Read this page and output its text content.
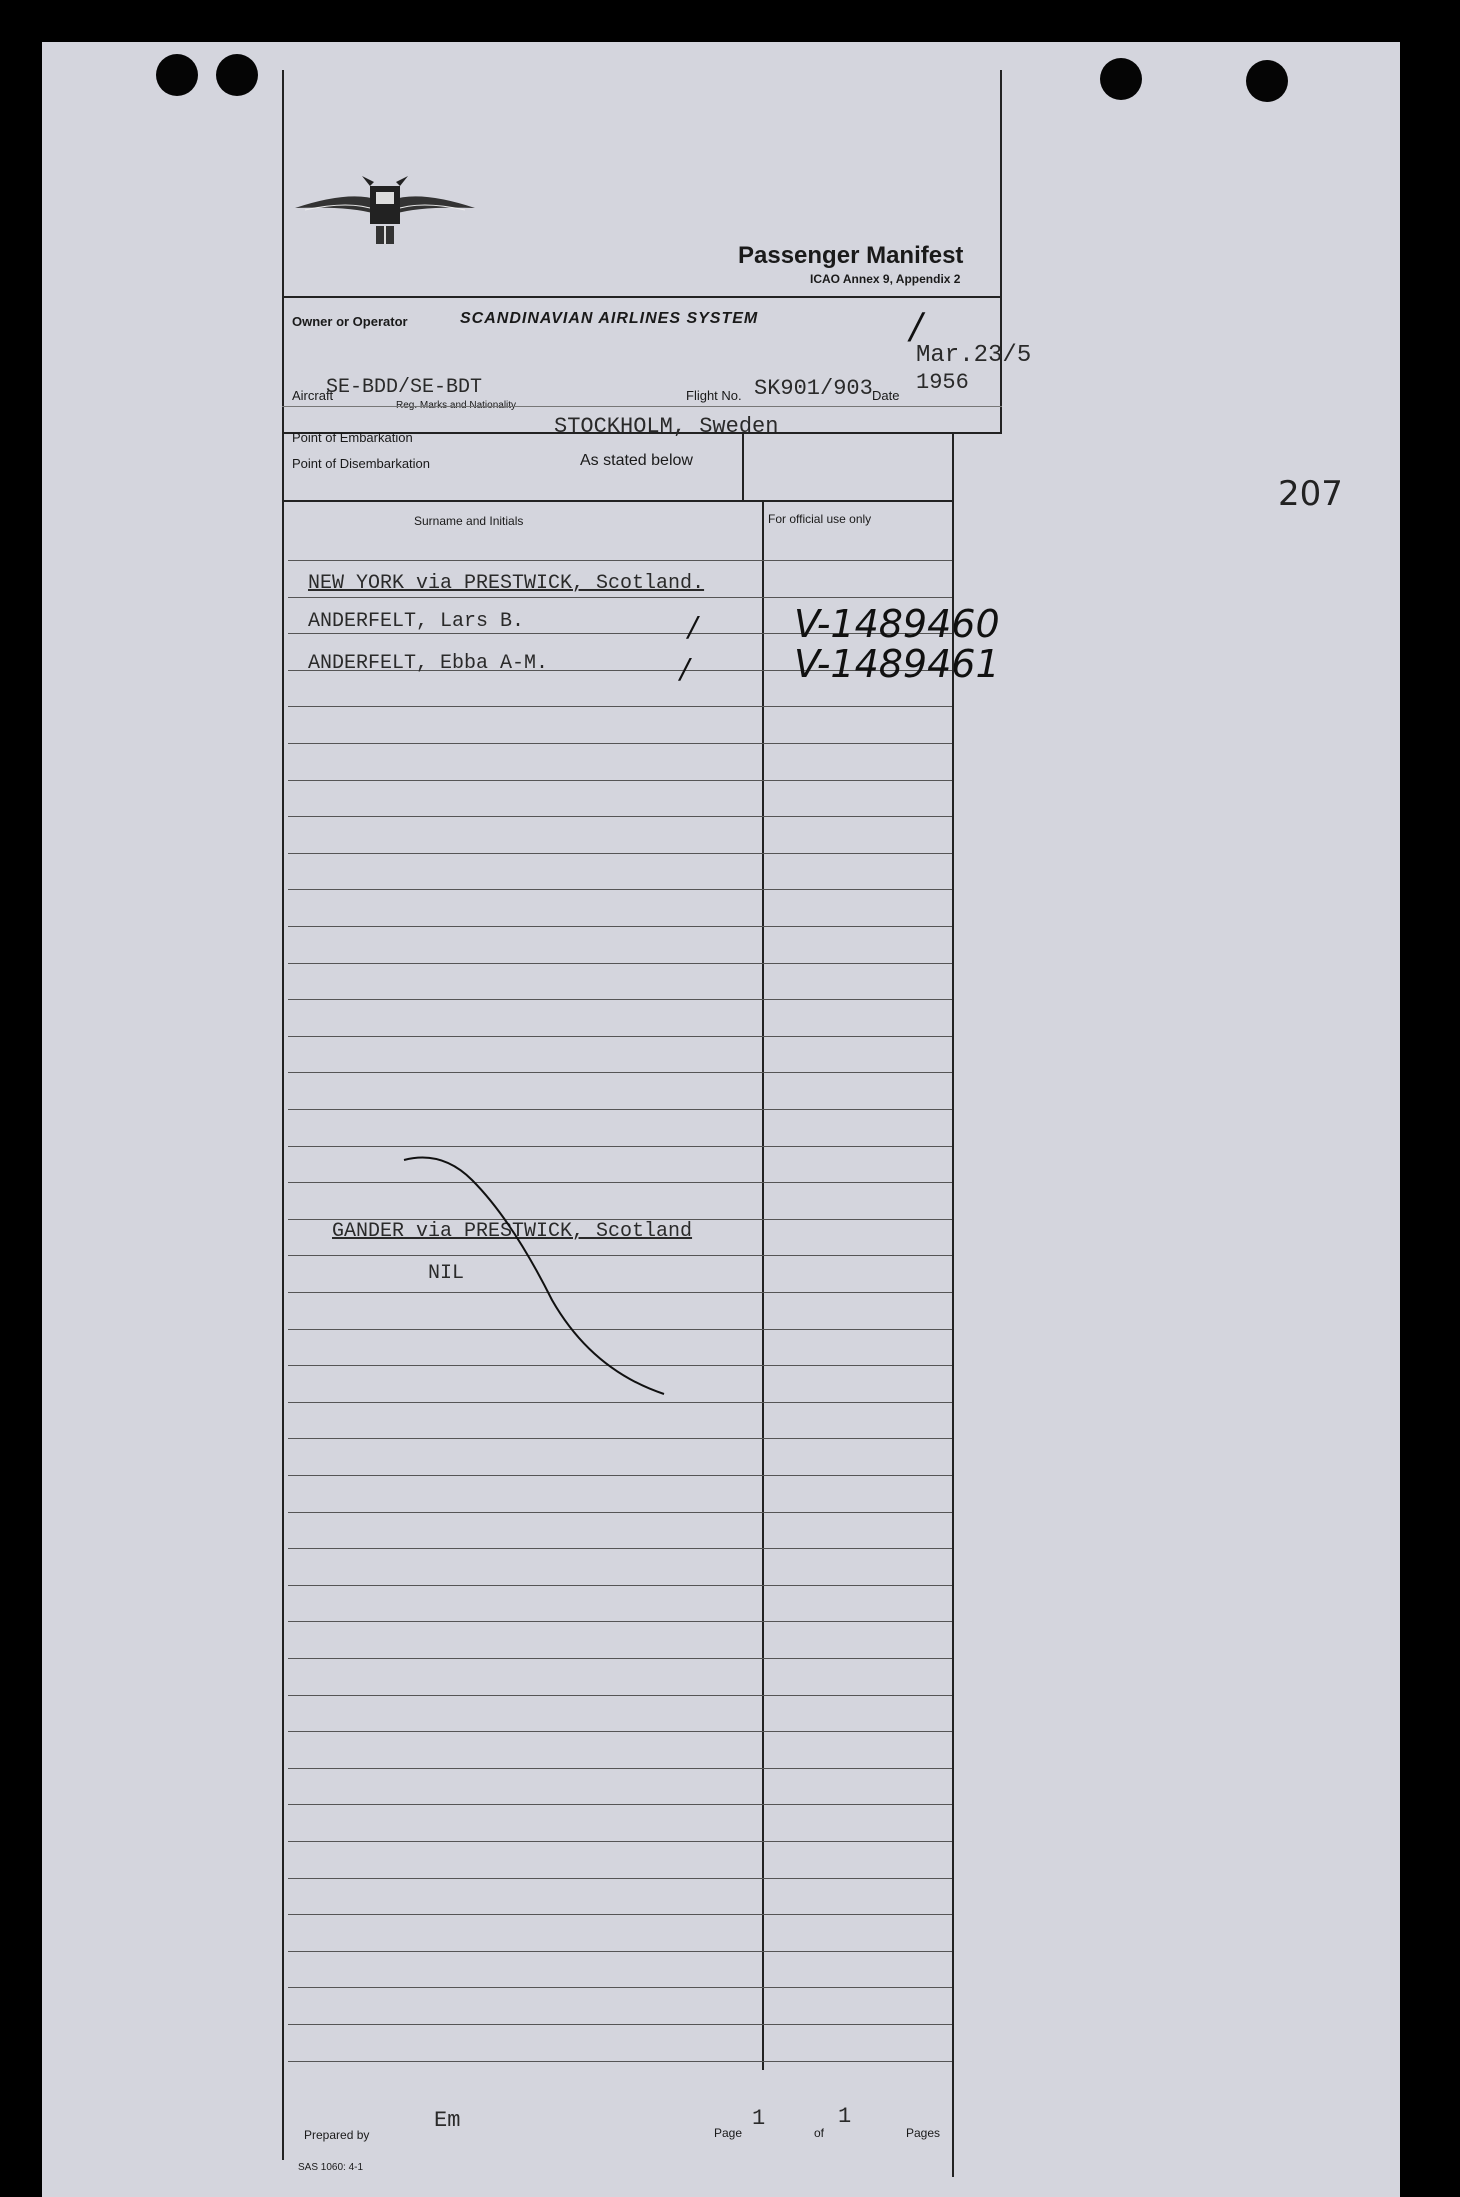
207
Passenger Manifest
ICAO Annex 9, Appendix 2
Owner or Operator	SCANDINAVIAN AIRLINES SYSTEM	/
Mar.23/5
Aircraft
SE-BDD/SE-BDT	Flight No. SK901/903 Date
1956
Point of Embarkation	STOCKHOLM, Sweden
Point of Disembarkation	As stated below
Surname and Initials	For official use only
NEW YORK via PRESTWICK, Scotland.
ANDERFELT, Lars B.	/	V-1489460
ANDERFELT, Ebba A-M.	/	V-1489461
GANDER via PRESTWICK, Scotland
NIL
Prepared by
Em	Page
1
of
1
Pages
SAS 1060: 4-1
